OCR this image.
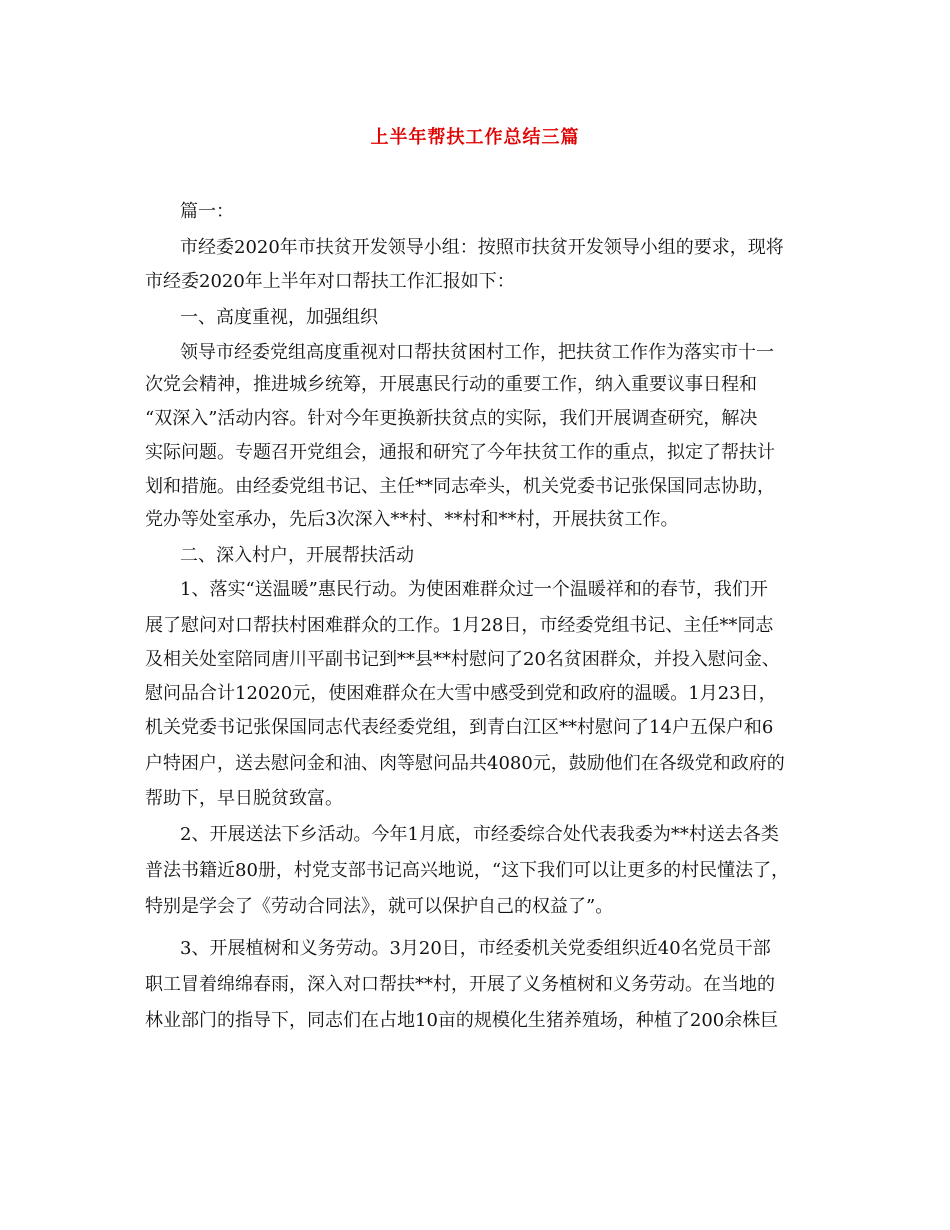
上半年帮扶工作总结三篇
篇一：
市经委2020年市扶贫开发领导小组：按照市扶贫开发领导小组的要求，现将
市经委2020年上半年对口帮扶工作汇报如下：
一、高度重视，加强组织
领导市经委党组高度重视对口帮扶贫困村工作，把扶贫工作作为落实市十一
次党会精神，推进城乡统筹，开展惠民行动的重要工作，纳入重要议事日程和
“双深入”活动内容。针对今年更换新扶贫点的实际，我们开展调查研究，解决
实际问题。专题召开党组会，通报和研究了今年扶贫工作的重点，拟定了帮扶计
划和措施。由经委党组书记、主任**同志牵头，机关党委书记张保国同志协助，
党办等处室承办，先后3次深入**村、**村和**村，开展扶贫工作。
二、深入村户，开展帮扶活动
1、落实“送温暖”惠民行动。为使困难群众过一个温暖祥和的春节，我们开
展了慰问对口帮扶村困难群众的工作。1月28日，市经委党组书记、主任**同志
及相关处室陪同唐川平副书记到**县**村慰问了20名贫困群众，并投入慰问金、
慰问品合计12020元，使困难群众在大雪中感受到党和政府的温暖。1月23日，
机关党委书记张保国同志代表经委党组，到青白江区**村慰问了14户五保户和6
户特困户，送去慰问金和油、肉等慰问品共4080元，鼓励他们在各级党和政府的
帮助下，早日脱贫致富。
2、开展送法下乡活动。今年1月底，市经委综合处代表我委为**村送去各类
普法书籍近80册，村党支部书记高兴地说，“这下我们可以让更多的村民懂法了，
特别是学会了《劳动合同法》，就可以保护自己的权益了”。
3、开展植树和义务劳动。3月20日，市经委机关党委组织近40名党员干部
职工冒着绵绵春雨，深入对口帮扶**村，开展了义务植树和义务劳动。在当地的
林业部门的指导下，同志们在占地10亩的规模化生猪养殖场，种植了200余株巨
